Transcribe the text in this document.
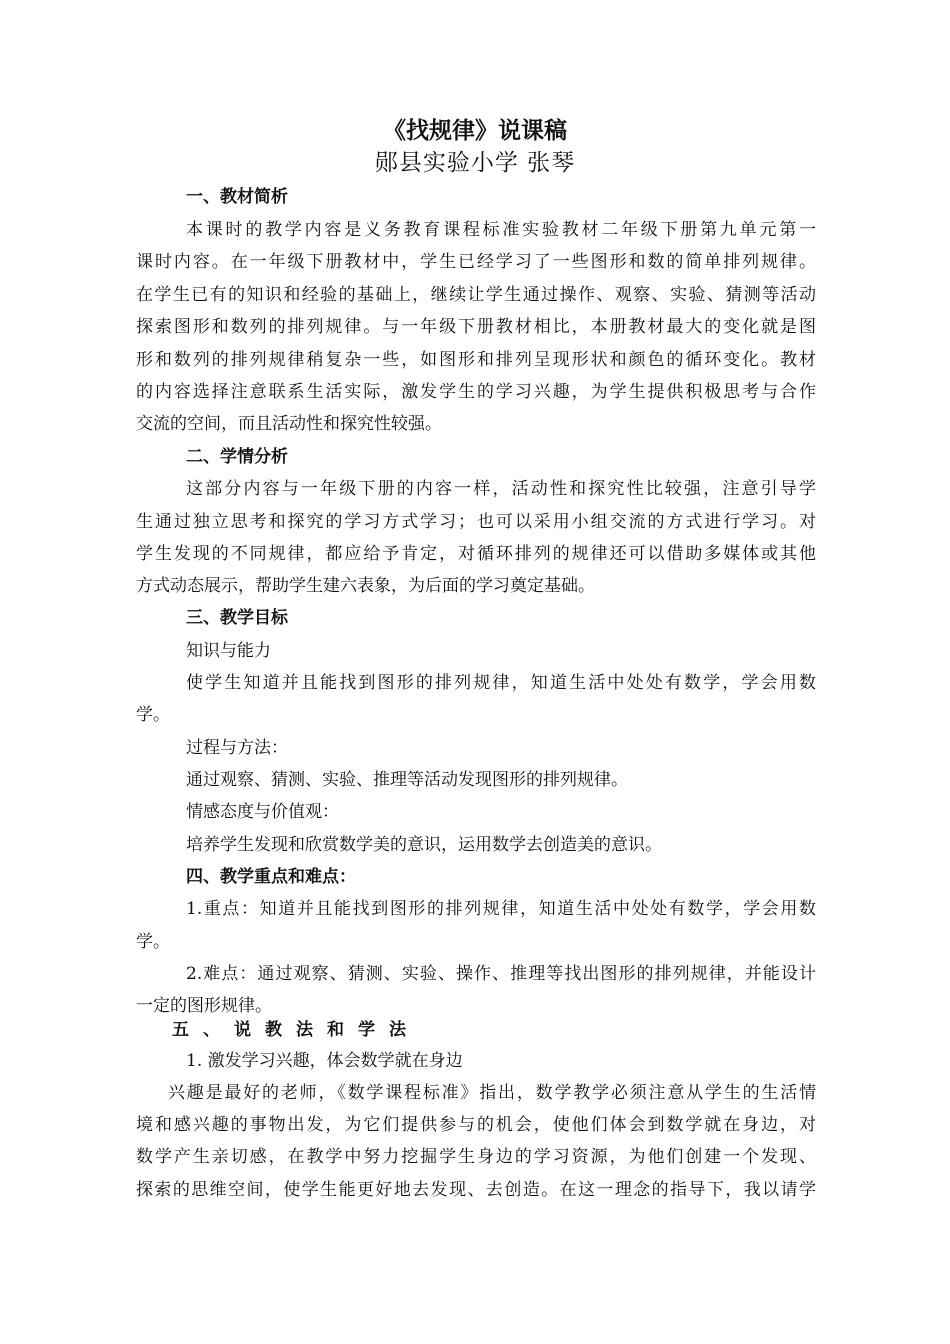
《找规律》说课稿
郧县实验小学 张琴
一、教材简析
本课时的教学内容是义务教育课程标准实验教材二年级下册第九单元第一
课时内容。在一年级下册教材中，学生已经学习了一些图形和数的简单排列规律。
在学生已有的知识和经验的基础上，继续让学生通过操作、观察、实验、猜测等活动
探索图形和数列的排列规律。与一年级下册教材相比，本册教材最大的变化就是图
形和数列的排列规律稍复杂一些，如图形和排列呈现形状和颜色的循环变化。教材
的内容选择注意联系生活实际，激发学生的学习兴趣，为学生提供积极思考与合作
交流的空间，而且活动性和探究性较强。
二、学情分析
这部分内容与一年级下册的内容一样，活动性和探究性比较强，注意引导学
生通过独立思考和探究的学习方式学习；也可以采用小组交流的方式进行学习。对
学生发现的不同规律，都应给予肯定，对循环排列的规律还可以借助多媒体或其他
方式动态展示，帮助学生建六表象，为后面的学习奠定基础。
三、教学目标
知识与能力
使学生知道并且能找到图形的排列规律，知道生活中处处有数学，学会用数
学。
过程与方法：
通过观察、猜测、实验、推理等活动发现图形的排列规律。
情感态度与价值观：
培养学生发现和欣赏数学美的意识，运用数学去创造美的意识。
四、教学重点和难点：
1.重点：知道并且能找到图形的排列规律，知道生活中处处有数学，学会用数
学。
2.难点：通过观察、猜测、实验、操作、推理等找出图形的排列规律，并能设计
一定的图形规律。
五、说教法和学法
1. 激发学习兴趣，体会数学就在身边
兴趣是最好的老师，《数学课程标准》指出，数学教学必须注意从学生的生活情
境和感兴趣的事物出发，为它们提供参与的机会，使他们体会到数学就在身边，对
数学产生亲切感，在教学中努力挖掘学生身边的学习资源，为他们创建一个发现、
探索的思维空间，使学生能更好地去发现、去创造。在这一理念的指导下，我以请学
